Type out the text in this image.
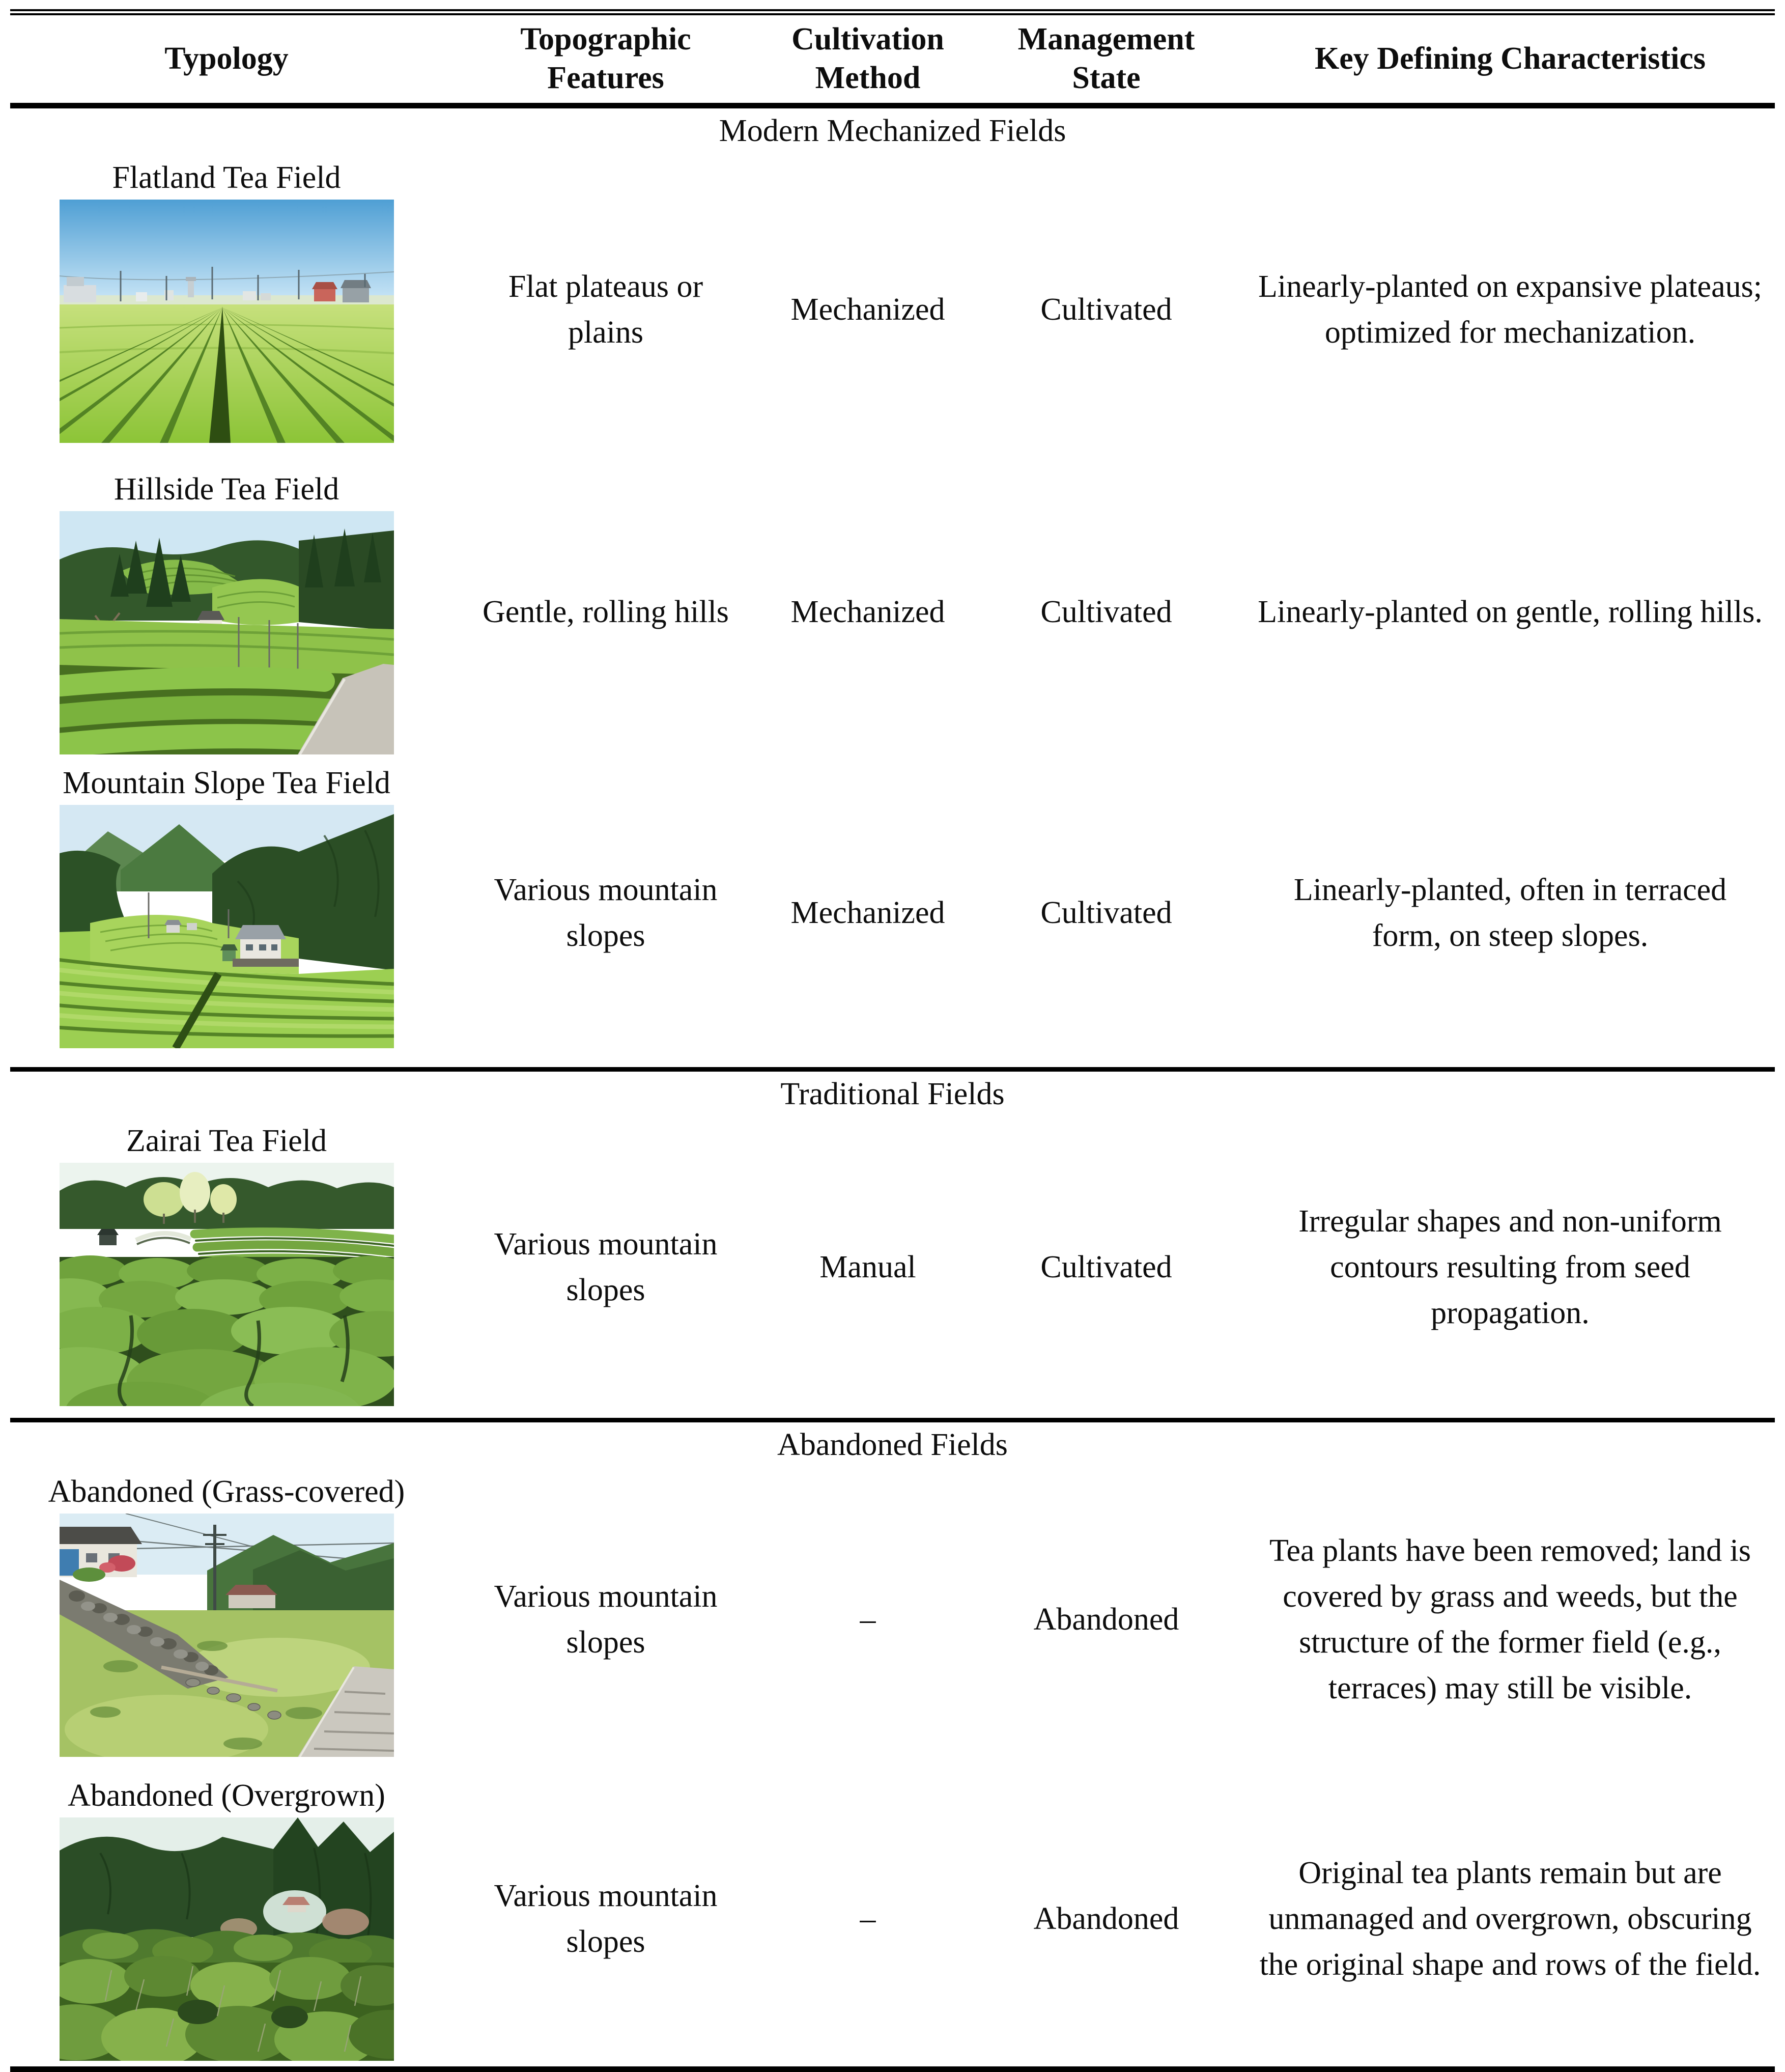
Typology	Topographic Features	Cultivation Method	Management State	Key Defining Characteristics
Modern Mechanized Fields				

Flatland Tea Field	Flat plateaus or plains	Mechanized	Cultivated	Linearly-planted on expansive plateaus; optimized for mechanization.

Hillside Tea Field	Gentle, rolling hills	Mechanized	Cultivated	Linearly-planted on gentle, rolling hills.

Mountain Slope Tea Field	Various mountain slopes	Mechanized	Cultivated	Linearly-planted, often in terraced form, on steep slopes.
Traditional Fields				

Zairai Tea Field	Various mountain slopes	Manual	Cultivated	Irregular shapes and non-uniform contours resulting from seed propagation.
Abandoned Fields				

Abandoned (Grass-covered)	Various mountain slopes	–	Abandoned	Tea plants have been removed; land is covered by grass and weeds, but the structure of the former field (e.g., terraces) may still be visible.

Abandoned (Overgrown)	Various mountain slopes	–	Abandoned	Original tea plants remain but are unmanaged and overgrown, obscuring the original shape and rows of the field.
